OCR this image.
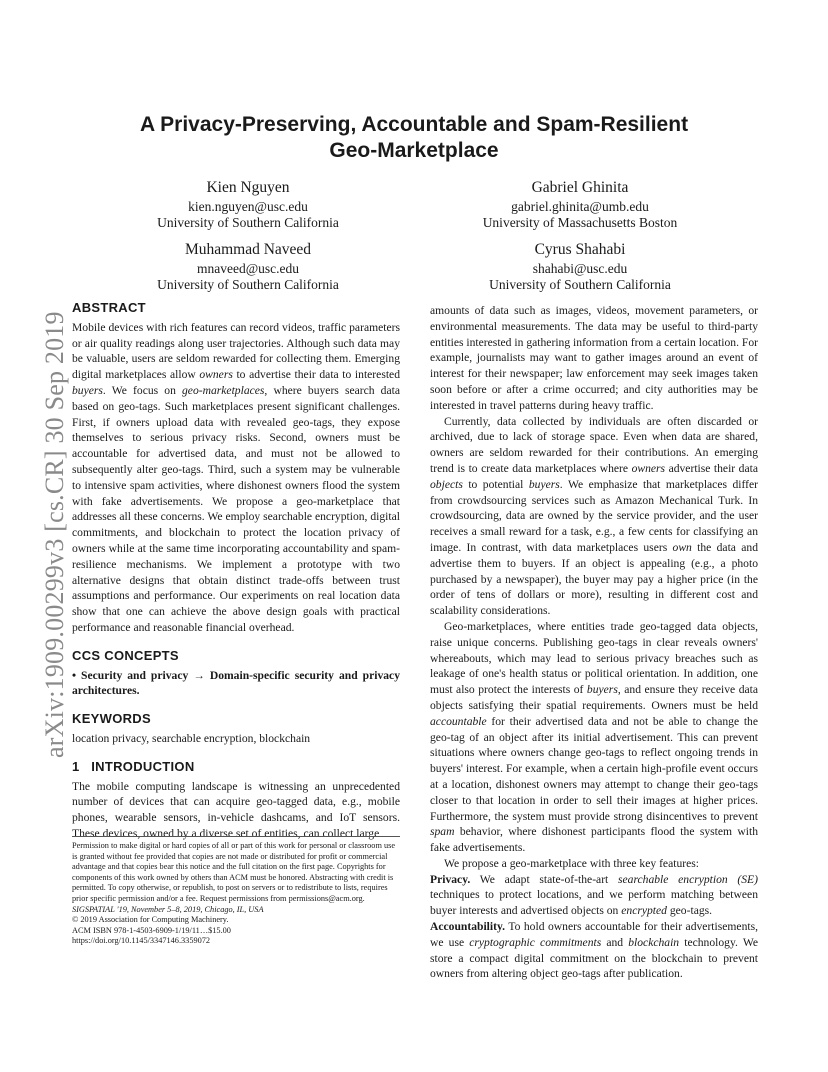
arXiv:1909.00299v3 [cs.CR] 30 Sep 2019
A Privacy-Preserving, Accountable and Spam-Resilient
Geo-Marketplace
Kien Nguyen
kien.nguyen@usc.edu
University of Southern California
Gabriel Ghinita
gabriel.ghinita@umb.edu
University of Massachusetts Boston
Muhammad Naveed
mnaveed@usc.edu
University of Southern California
Cyrus Shahabi
shahabi@usc.edu
University of Southern California
ABSTRACT

Mobile devices with rich features can record videos, traffic parameters or air quality readings along user trajectories. Although such data may be valuable, users are seldom rewarded for collecting them. Emerging digital marketplaces allow owners to advertise their data to interested buyers. We focus on geo-marketplaces, where buyers search data based on geo-tags. Such marketplaces present significant challenges. First, if owners upload data with revealed geo-tags, they expose themselves to serious privacy risks. Second, owners must be accountable for advertised data, and must not be allowed to subsequently alter geo-tags. Third, such a system may be vulnerable to intensive spam activities, where dishonest owners flood the system with fake advertisements. We propose a geo-marketplace that addresses all these concerns. We employ searchable encryption, digital commitments, and blockchain to protect the location privacy of owners while at the same time incorporating accountability and spam-resilience mechanisms. We implement a prototype with two alternative designs that obtain distinct trade-offs between trust assumptions and performance. Our experiments on real location data show that one can achieve the above design goals with practical performance and reasonable financial overhead.

CCS CONCEPTS

• Security and privacy → Domain-specific security and privacy architectures.

KEYWORDS

location privacy, searchable encryption, blockchain

1   INTRODUCTION

The mobile computing landscape is witnessing an unprecedented number of devices that can acquire geo-tagged data, e.g., mobile phones, wearable sensors, in-vehicle dashcams, and IoT sensors. These devices, owned by a diverse set of entities, can collect large

Permission to make digital or hard copies of all or part of this work for personal or classroom use is granted without fee provided that copies are not made or distributed for profit or commercial advantage and that copies bear this notice and the full citation on the first page. Copyrights for components of this work owned by others than ACM must be honored. Abstracting with credit is permitted. To copy otherwise, or republish, to post on servers or to redistribute to lists, requires prior specific permission and/or a fee. Request permissions from permissions@acm.org.

SIGSPATIAL '19, November 5–8, 2019, Chicago, IL, USA

© 2019 Association for Computing Machinery.

ACM ISBN 978-1-4503-6909-1/19/11…$15.00

https://doi.org/10.1145/3347146.3359072

amounts of data such as images, videos, movement parameters, or environmental measurements. The data may be useful to third-party entities interested in gathering information from a certain location. For example, journalists may want to gather images around an event of interest for their newspaper; law enforcement may seek images taken soon before or after a crime occurred; and city authorities may be interested in travel patterns during heavy traffic.

Currently, data collected by individuals are often discarded or archived, due to lack of storage space. Even when data are shared, owners are seldom rewarded for their contributions. An emerging trend is to create data marketplaces where owners advertise their data objects to potential buyers. We emphasize that marketplaces differ from crowdsourcing services such as Amazon Mechanical Turk. In crowdsourcing, data are owned by the service provider, and the user receives a small reward for a task, e.g., a few cents for classifying an image. In contrast, with data marketplaces users own the data and advertise them to buyers. If an object is appealing (e.g., a photo purchased by a newspaper), the buyer may pay a higher price (in the order of tens of dollars or more), resulting in different cost and scalability considerations.

Geo-marketplaces, where entities trade geo-tagged data objects, raise unique concerns. Publishing geo-tags in clear reveals owners' whereabouts, which may lead to serious privacy breaches such as leakage of one's health status or political orientation. In addition, one must also protect the interests of buyers, and ensure they receive data objects satisfying their spatial requirements. Owners must be held accountable for their advertised data and not be able to change the geo-tag of an object after its initial advertisement. This can prevent situations where owners change geo-tags to reflect ongoing trends in buyers' interest. For example, when a certain high-profile event occurs at a location, dishonest owners may attempt to change their geo-tags closer to that location in order to sell their images at higher prices. Furthermore, the system must provide strong disincentives to prevent spam behavior, where dishonest participants flood the system with fake advertisements.

We propose a geo-marketplace with three key features:

Privacy. We adapt state-of-the-art searchable encryption (SE) techniques to protect locations, and we perform matching between buyer interests and advertised objects on encrypted geo-tags.

Accountability. To hold owners accountable for their advertisements, we use cryptographic commitments and blockchain technology. We store a compact digital commitment on the blockchain to prevent owners from altering object geo-tags after publication.
